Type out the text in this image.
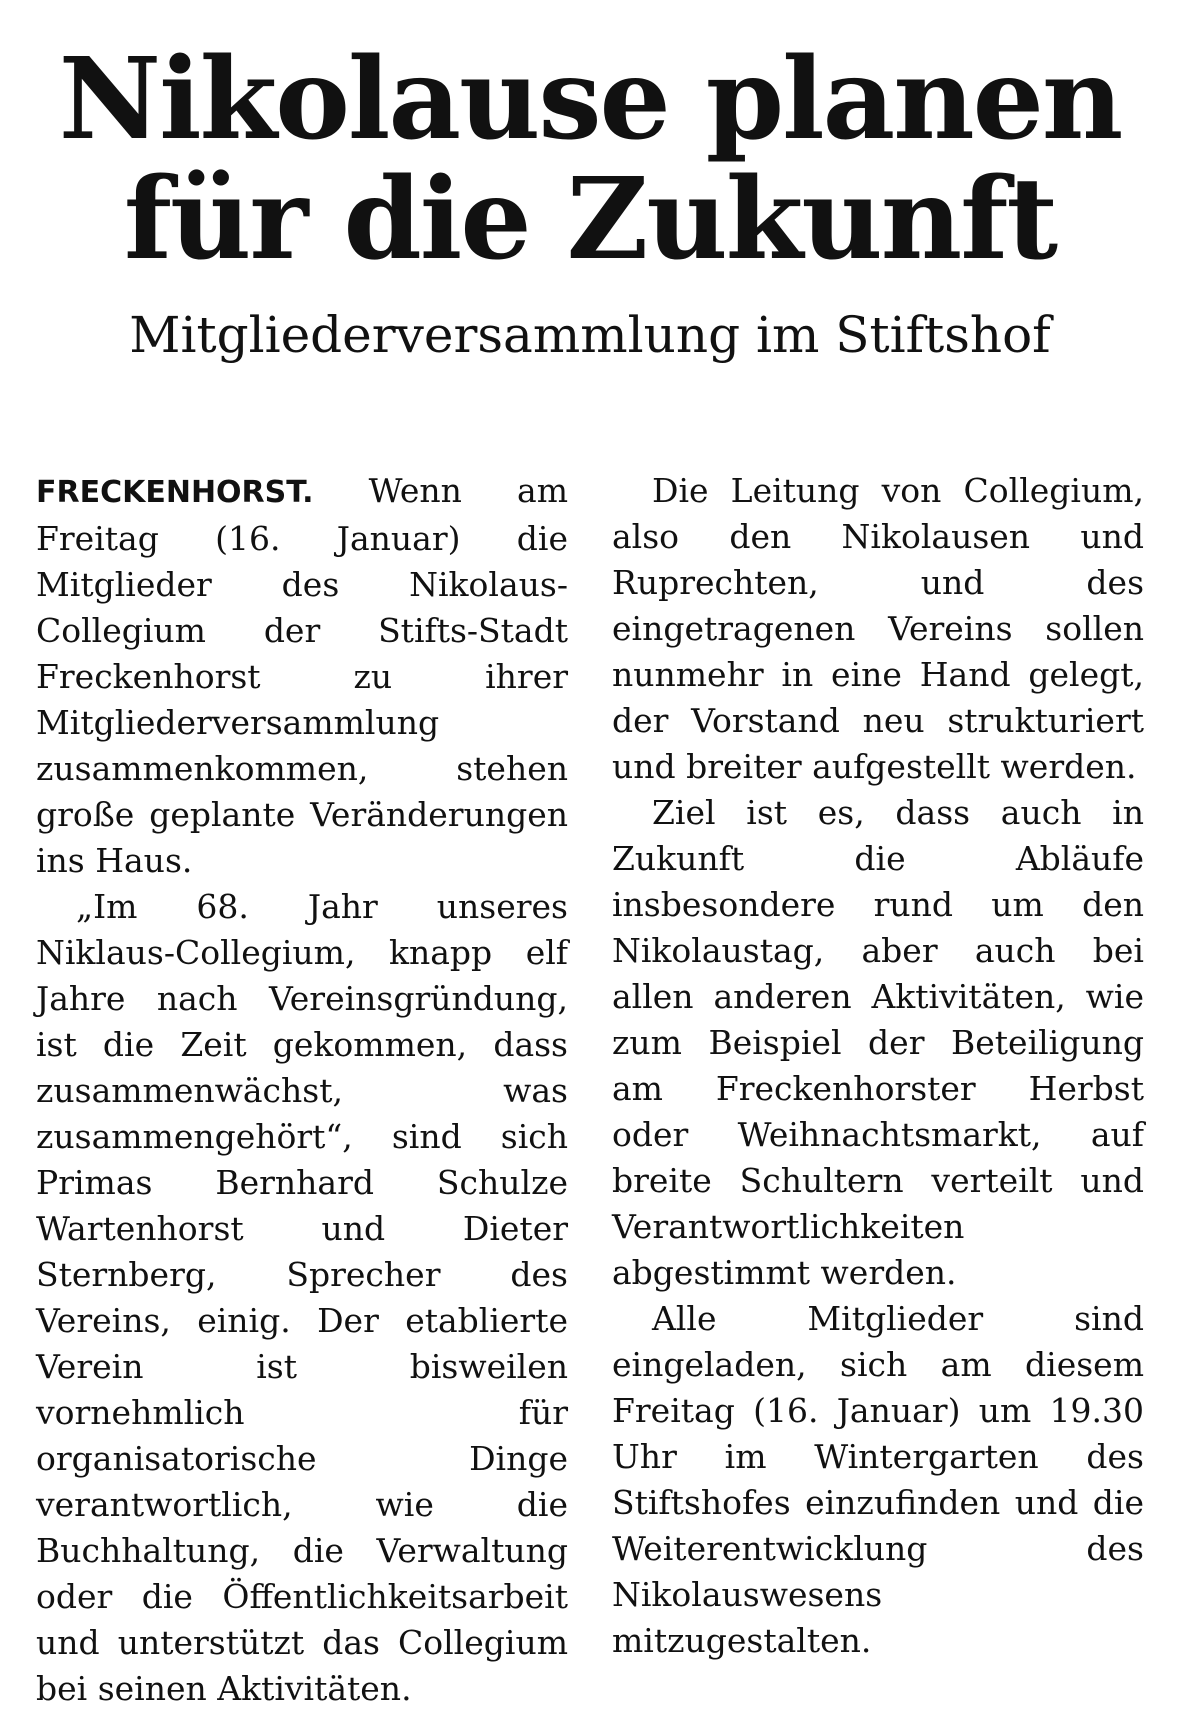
Nikolause planen
für die Zukunft
Mitgliederversammlung im Stiftshof

FRECKENHORST. Wenn am Freitag (16. Januar) die Mitglieder des Nikolaus-Collegium der Stifts-Stadt Freckenhorst zu ihrer Mitgliederversammlung zusammenkommen, stehen große geplante Veränderungen ins Haus.

„Im 68. Jahr unseres Niklaus-Collegium, knapp elf Jahre nach Vereinsgründung, ist die Zeit gekommen, dass zusammenwächst, was zusammengehört“, sind sich Primas Bernhard Schulze Wartenhorst und Dieter Sternberg, Sprecher des Vereins, einig. Der etablierte Verein ist bisweilen vornehmlich für organisatorische Dinge verantwortlich, wie die Buchhaltung, die Verwaltung oder die Öffentlichkeitsarbeit und unterstützt das Collegium bei seinen Aktivitäten.

Die Leitung von Collegium, also den Nikolausen und Ruprechten, und des eingetragenen Vereins sollen nunmehr in eine Hand gelegt, der Vorstand neu strukturiert und breiter aufgestellt werden.

Ziel ist es, dass auch in Zukunft die Abläufe insbesondere rund um den Nikolaustag, aber auch bei allen anderen Aktivitäten, wie zum Beispiel der Beteiligung am Freckenhorster Herbst oder Weihnachtsmarkt, auf breite Schultern verteilt und Verantwortlichkeiten abgestimmt werden.

Alle Mitglieder sind eingeladen, sich am diesem Freitag (16. Januar) um 19.30 Uhr im Wintergarten des Stiftshofes einzufinden und die Weiterentwicklung des Nikolauswesens mitzugestalten.
